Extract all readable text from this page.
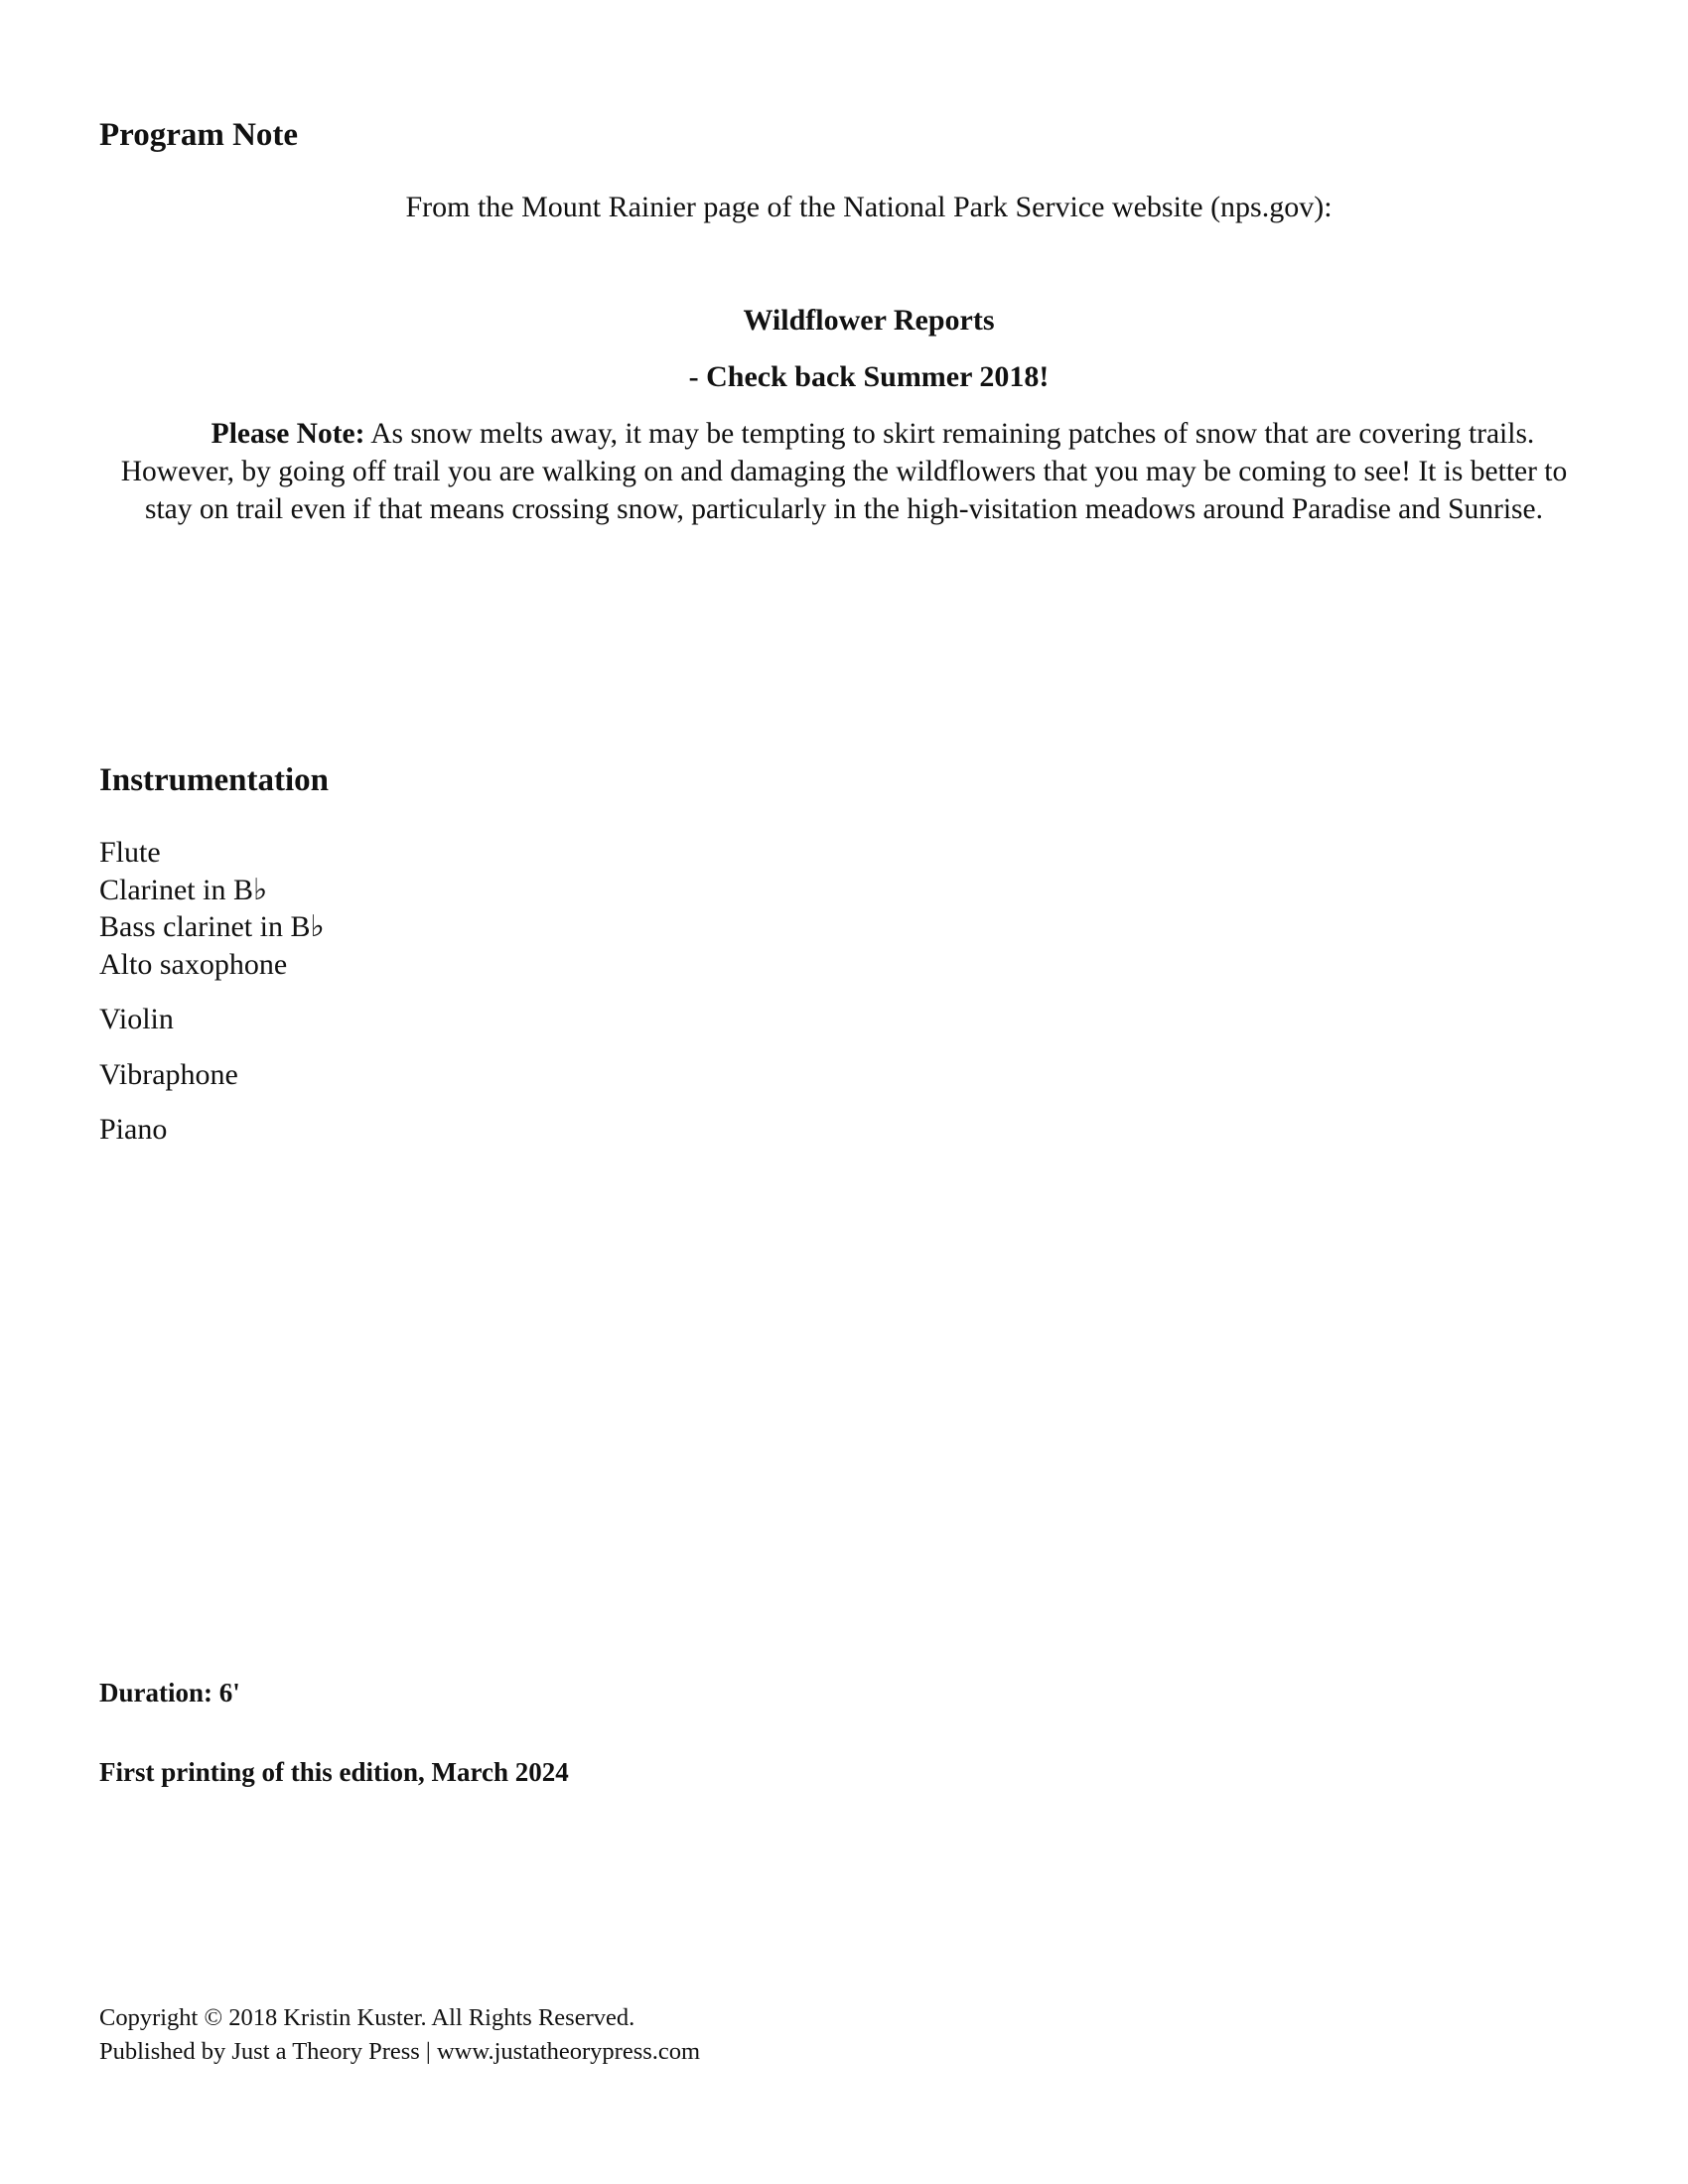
Program Note
From the Mount Rainier page of the National Park Service website (nps.gov):
Wildflower Reports
- Check back Summer 2018!
Please Note: As snow melts away, it may be tempting to skirt remaining patches of snow that are covering trails. However, by going off trail you are walking on and damaging the wildflowers that you may be coming to see! It is better to stay on trail even if that means crossing snow, particularly in the high-visitation meadows around Paradise and Sunrise.
Instrumentation
Flute
Clarinet in B♭
Bass clarinet in B♭
Alto saxophone
Violin
Vibraphone
Piano
Duration: 6'
First printing of this edition, March 2024
Copyright © 2018 Kristin Kuster. All Rights Reserved.
Published by Just a Theory Press | www.justatheorypress.com
